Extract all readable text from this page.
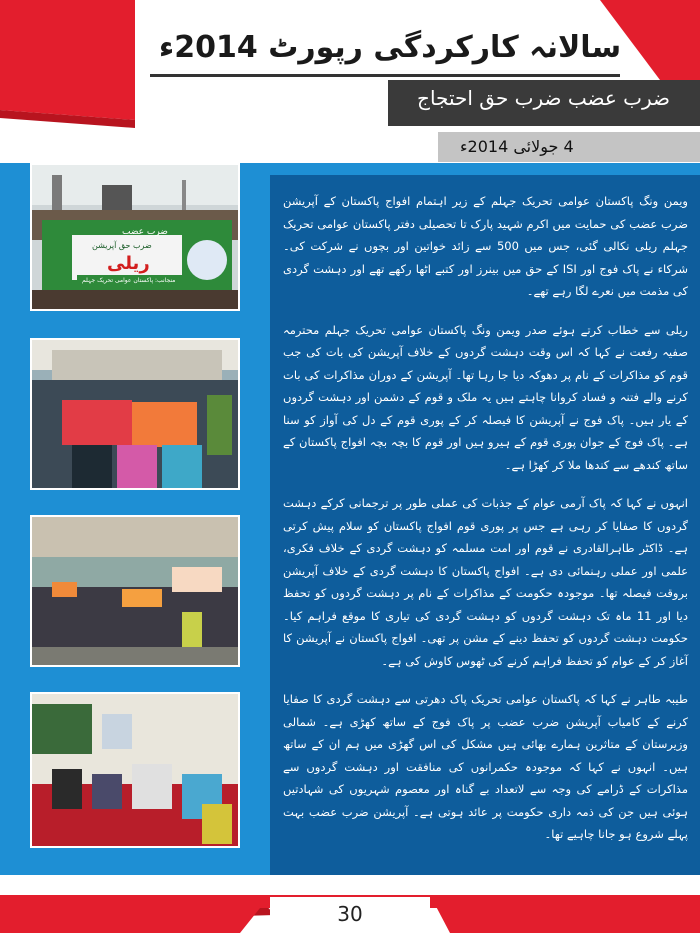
سالانہ کارکردگی رپورٹ 2014ء
ضرب عضب ضرب حق احتجاج
4 جولائی 2014ء

ویمن ونگ پاکستان عوامی تحریک جہلم کے زیر اہتمام افواج پاکستان کے آپریشن ضرب عضب کی حمایت میں اکرم شہید پارک تا تحصیلی دفتر پاکستان عوامی تحریک جہلم ریلی نکالی گئی، جس میں 500 سے زائد خواتین اور بچوں نے شرکت کی۔ شرکاء نے پاک فوج اور ISI کے حق میں بینرز اور کتبے اٹھا رکھے تھے اور دہشت گردی کی مذمت میں نعرے لگا رہے تھے۔

ریلی سے خطاب کرتے ہوئے صدر ویمن ونگ پاکستان عوامی تحریک جہلم محترمہ صفیہ رفعت نے کہا کہ اس وقت دہشت گردوں کے خلاف آپریشن کی بات کی جب قوم کو مذاکرات کے نام پر دھوکہ دیا جا رہا تھا۔ آپریشن کے دوران مذاکرات کی بات کرنے والے فتنہ و فساد کروانا چاہتے ہیں یہ ملک و قوم کے دشمن اور دہشت گردوں کے یار ہیں۔ پاک فوج نے آپریشن کا فیصلہ کر کے پوری قوم کے دل کی آواز کو سنا ہے۔ پاک فوج کے جوان پوری قوم کے ہیرو ہیں اور قوم کا بچہ بچہ افواج پاکستان کے ساتھ کندھے سے کندھا ملا کر کھڑا ہے۔

انہوں نے کہا کہ پاک آرمی عوام کے جذبات کی عملی طور پر ترجمانی کرکے دہشت گردوں کا صفایا کر رہی ہے جس پر پوری قوم افواج پاکستان کو سلام پیش کرتی ہے۔ ڈاکٹر طاہرالقادری نے قوم اور امت مسلمہ کو دہشت گردی کے خلاف فکری، علمی اور عملی رہنمائی دی ہے۔ افواج پاکستان کا دہشت گردی کے خلاف آپریشن بروقت فیصلہ تھا۔ موجودہ حکومت کے مذاکرات کے نام پر دہشت گردوں کو تحفظ دیا اور 11 ماہ تک دہشت گردوں کو دہشت گردی کی تیاری کا موقع فراہم کیا۔ حکومت دہشت گردوں کو تحفظ دینے کے مشن پر تھی۔ افواج پاکستان نے آپریشن کا آغاز کر کے عوام کو تحفظ فراہم کرنے کی ٹھوس کاوش کی ہے۔

طیبہ طاہر نے کہا کہ پاکستان عوامی تحریک پاک دھرتی سے دہشت گردی کا صفایا کرنے کے کامیاب آپریشن ضرب عضب پر پاک فوج کے ساتھ کھڑی ہے۔ شمالی وزیرستان کے متاثرین ہمارے بھائی ہیں مشکل کی اس گھڑی میں ہم ان کے ساتھ ہیں۔ انہوں نے کہا کہ موجودہ حکمرانوں کی منافقت اور دہشت گردوں سے مذاکرات کے ڈرامے کی وجہ سے لاتعداد بے گناہ اور معصوم شہریوں کی شہادتیں ہوئی ہیں جن کی ذمہ داری حکومت پر عائد ہوتی ہے۔ آپریشن ضرب عضب بہت پہلے شروع ہو جانا چاہیے تھا۔

ضرب عضب
ضرب حق آپریشن
ریلی
منجانب: پاکستان عوامی تحریک جہلم
30
